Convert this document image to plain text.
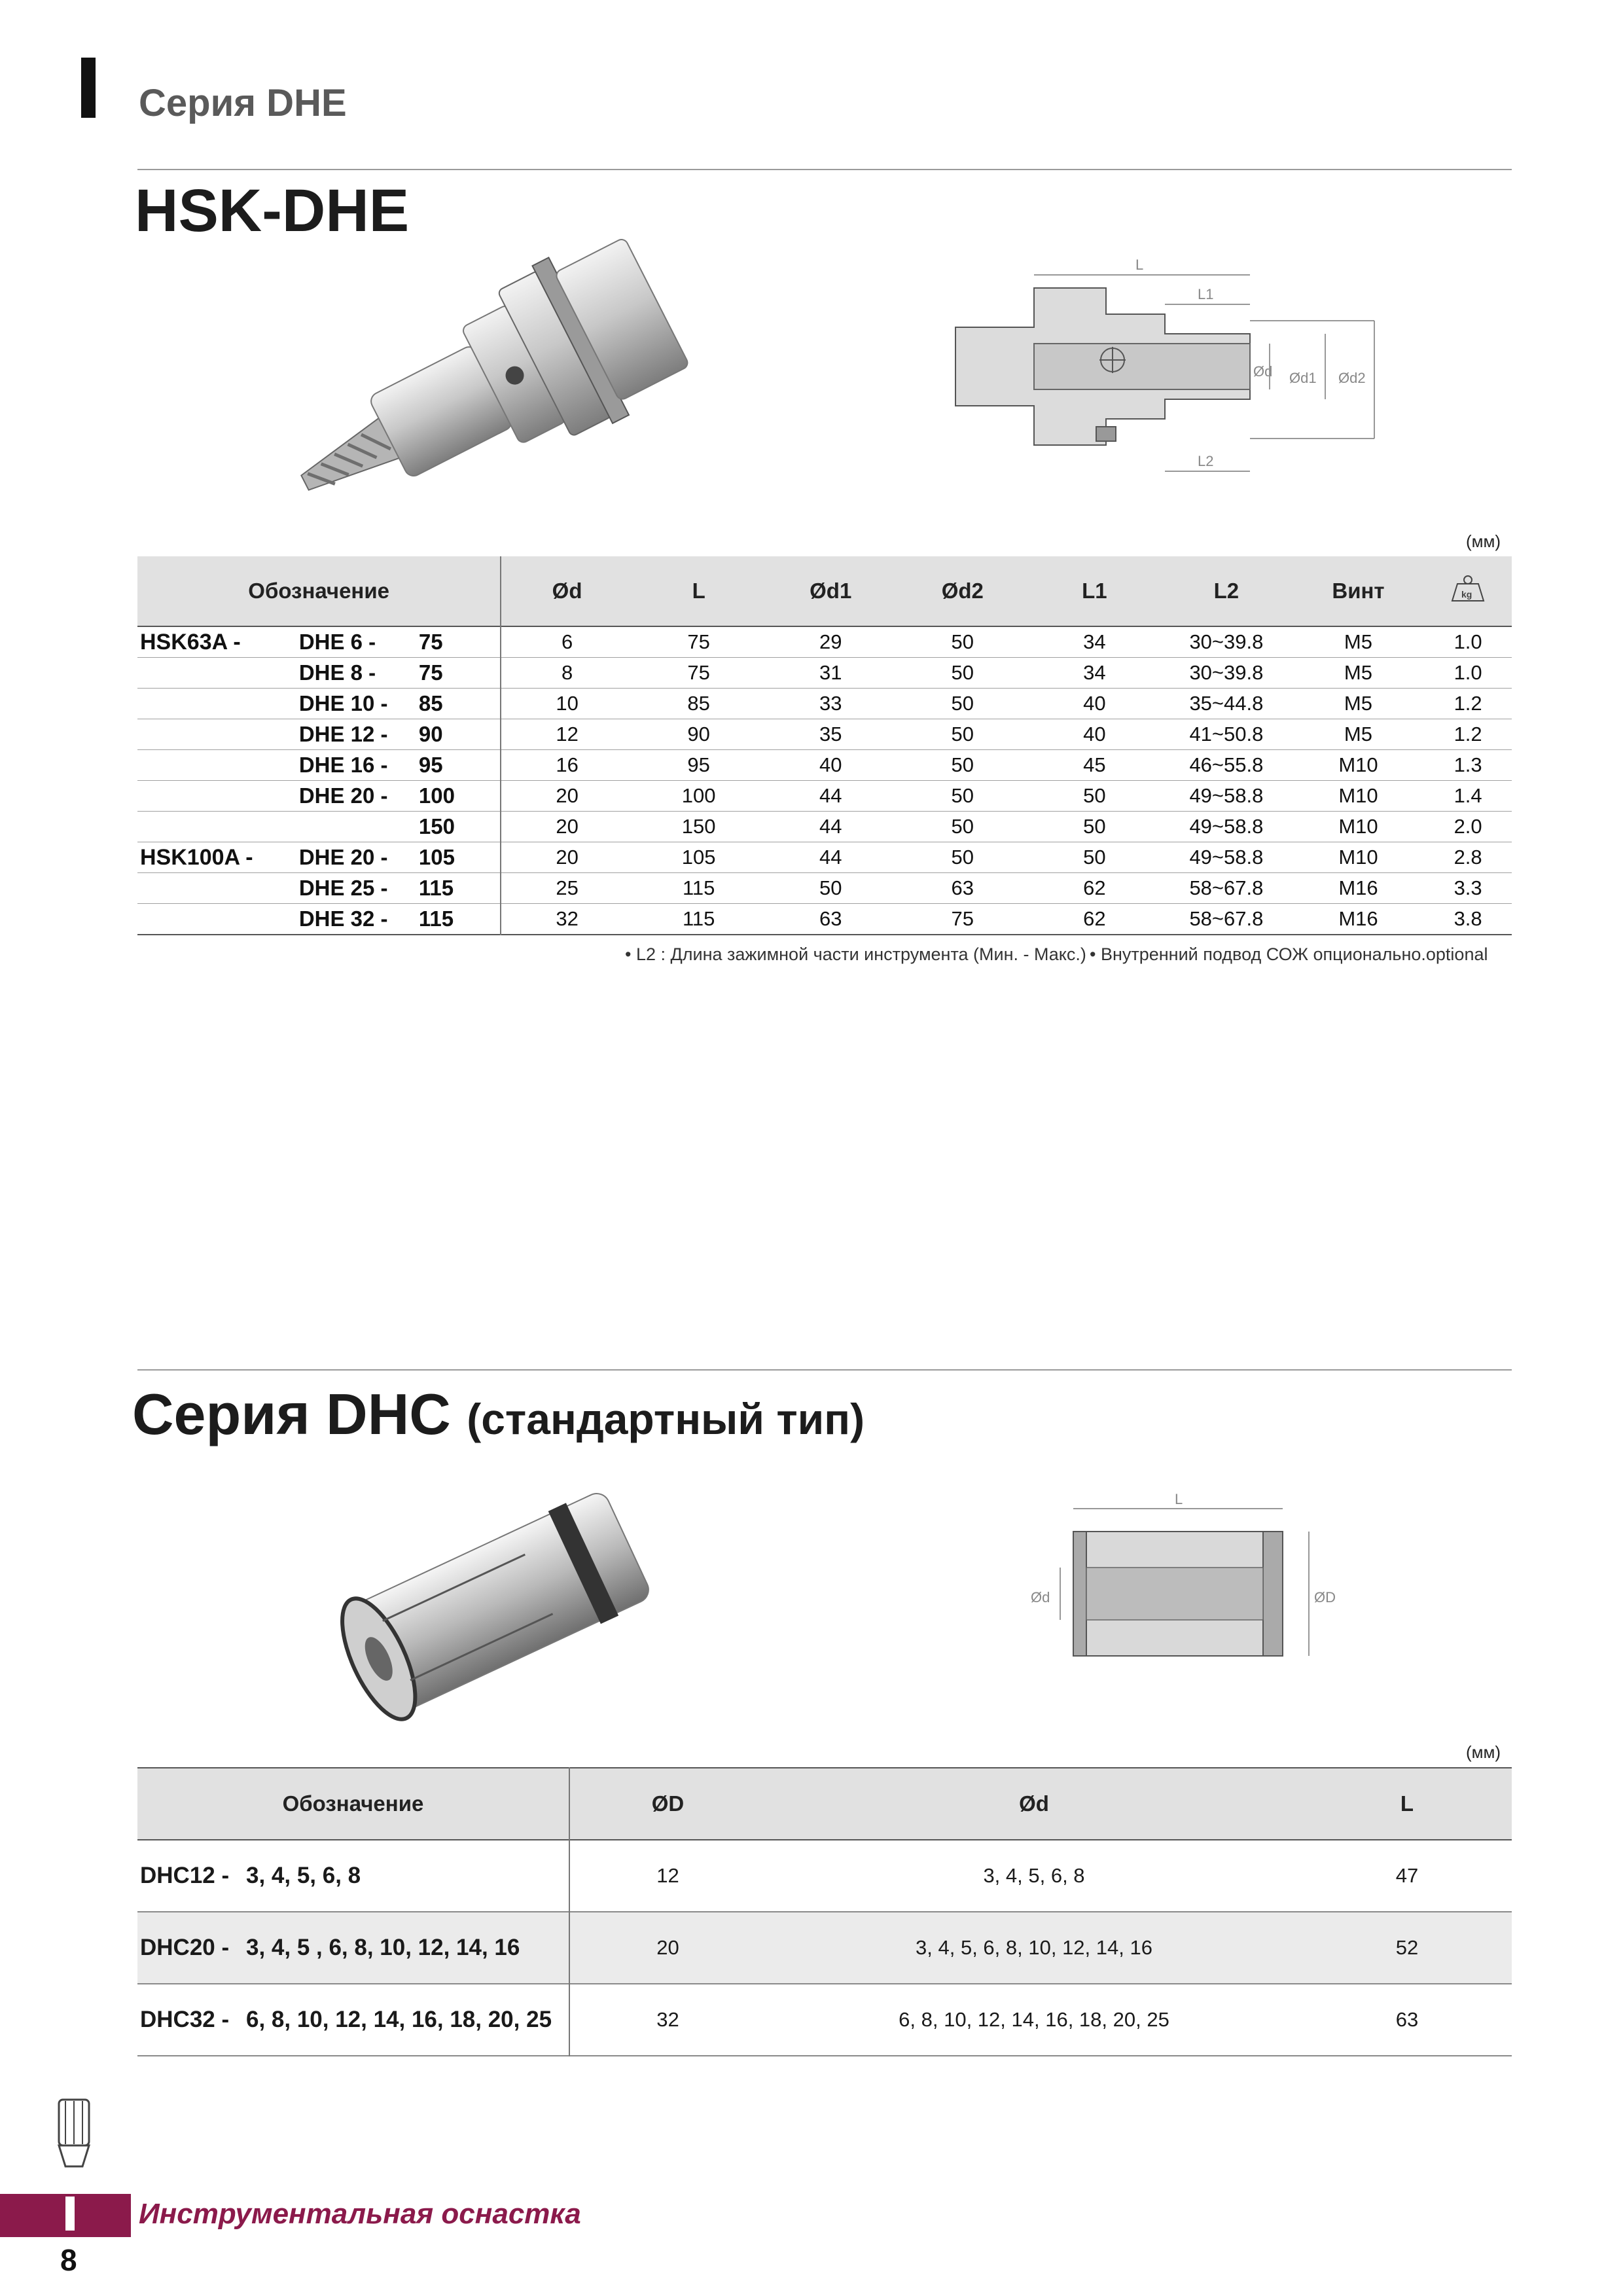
Серия DHE
HSK-DHE
L
L1
L2
Ød Ød1 Ød2
(мм)
Обозначение			Ød	L	Ød1	Ød2	L1	L2	Винт	kg

HSK63A -	DHE 6 -	75	6	75	29	50	34	30~39.8	M5	1.0
	DHE 8 -	75	8	75	31	50	34	30~39.8	M5	1.0
	DHE 10 -	85	10	85	33	50	40	35~44.8	M5	1.2
	DHE 12 -	90	12	90	35	50	40	41~50.8	M5	1.2
	DHE 16 -	95	16	95	40	50	45	46~55.8	M10	1.3
	DHE 20 -	100	20	100	44	50	50	49~58.8	M10	1.4
		150	20	150	44	50	50	49~58.8	M10	2.0
HSK100A -	DHE 20 -	105	20	105	44	50	50	49~58.8	M10	2.8
	DHE 25 -	115	25	115	50	63	62	58~67.8	M16	3.3
	DHE 32 -	115	32	115	63	75	62	58~67.8	M16	3.8
• L2 : Длина зажимной части инструмента (Мин. - Макс.) • Внутренний подвод СОЖ опционально.optional
Серия DHC (стандартный тип)
L
Ød	ØD
(мм)
Обозначение		ØD	Ød	L
DHC12 -	3, 4, 5, 6, 8	12	3, 4, 5, 6, 8	47
DHC20 -	3, 4, 5 , 6, 8, 10, 12, 14, 16	20	3, 4, 5, 6, 8, 10, 12, 14, 16	52
DHC32 -	6, 8, 10, 12, 14, 16, 18, 20, 25	32	6, 8, 10, 12, 14, 16, 18, 20, 25	63
Инструментальная оснастка
8
